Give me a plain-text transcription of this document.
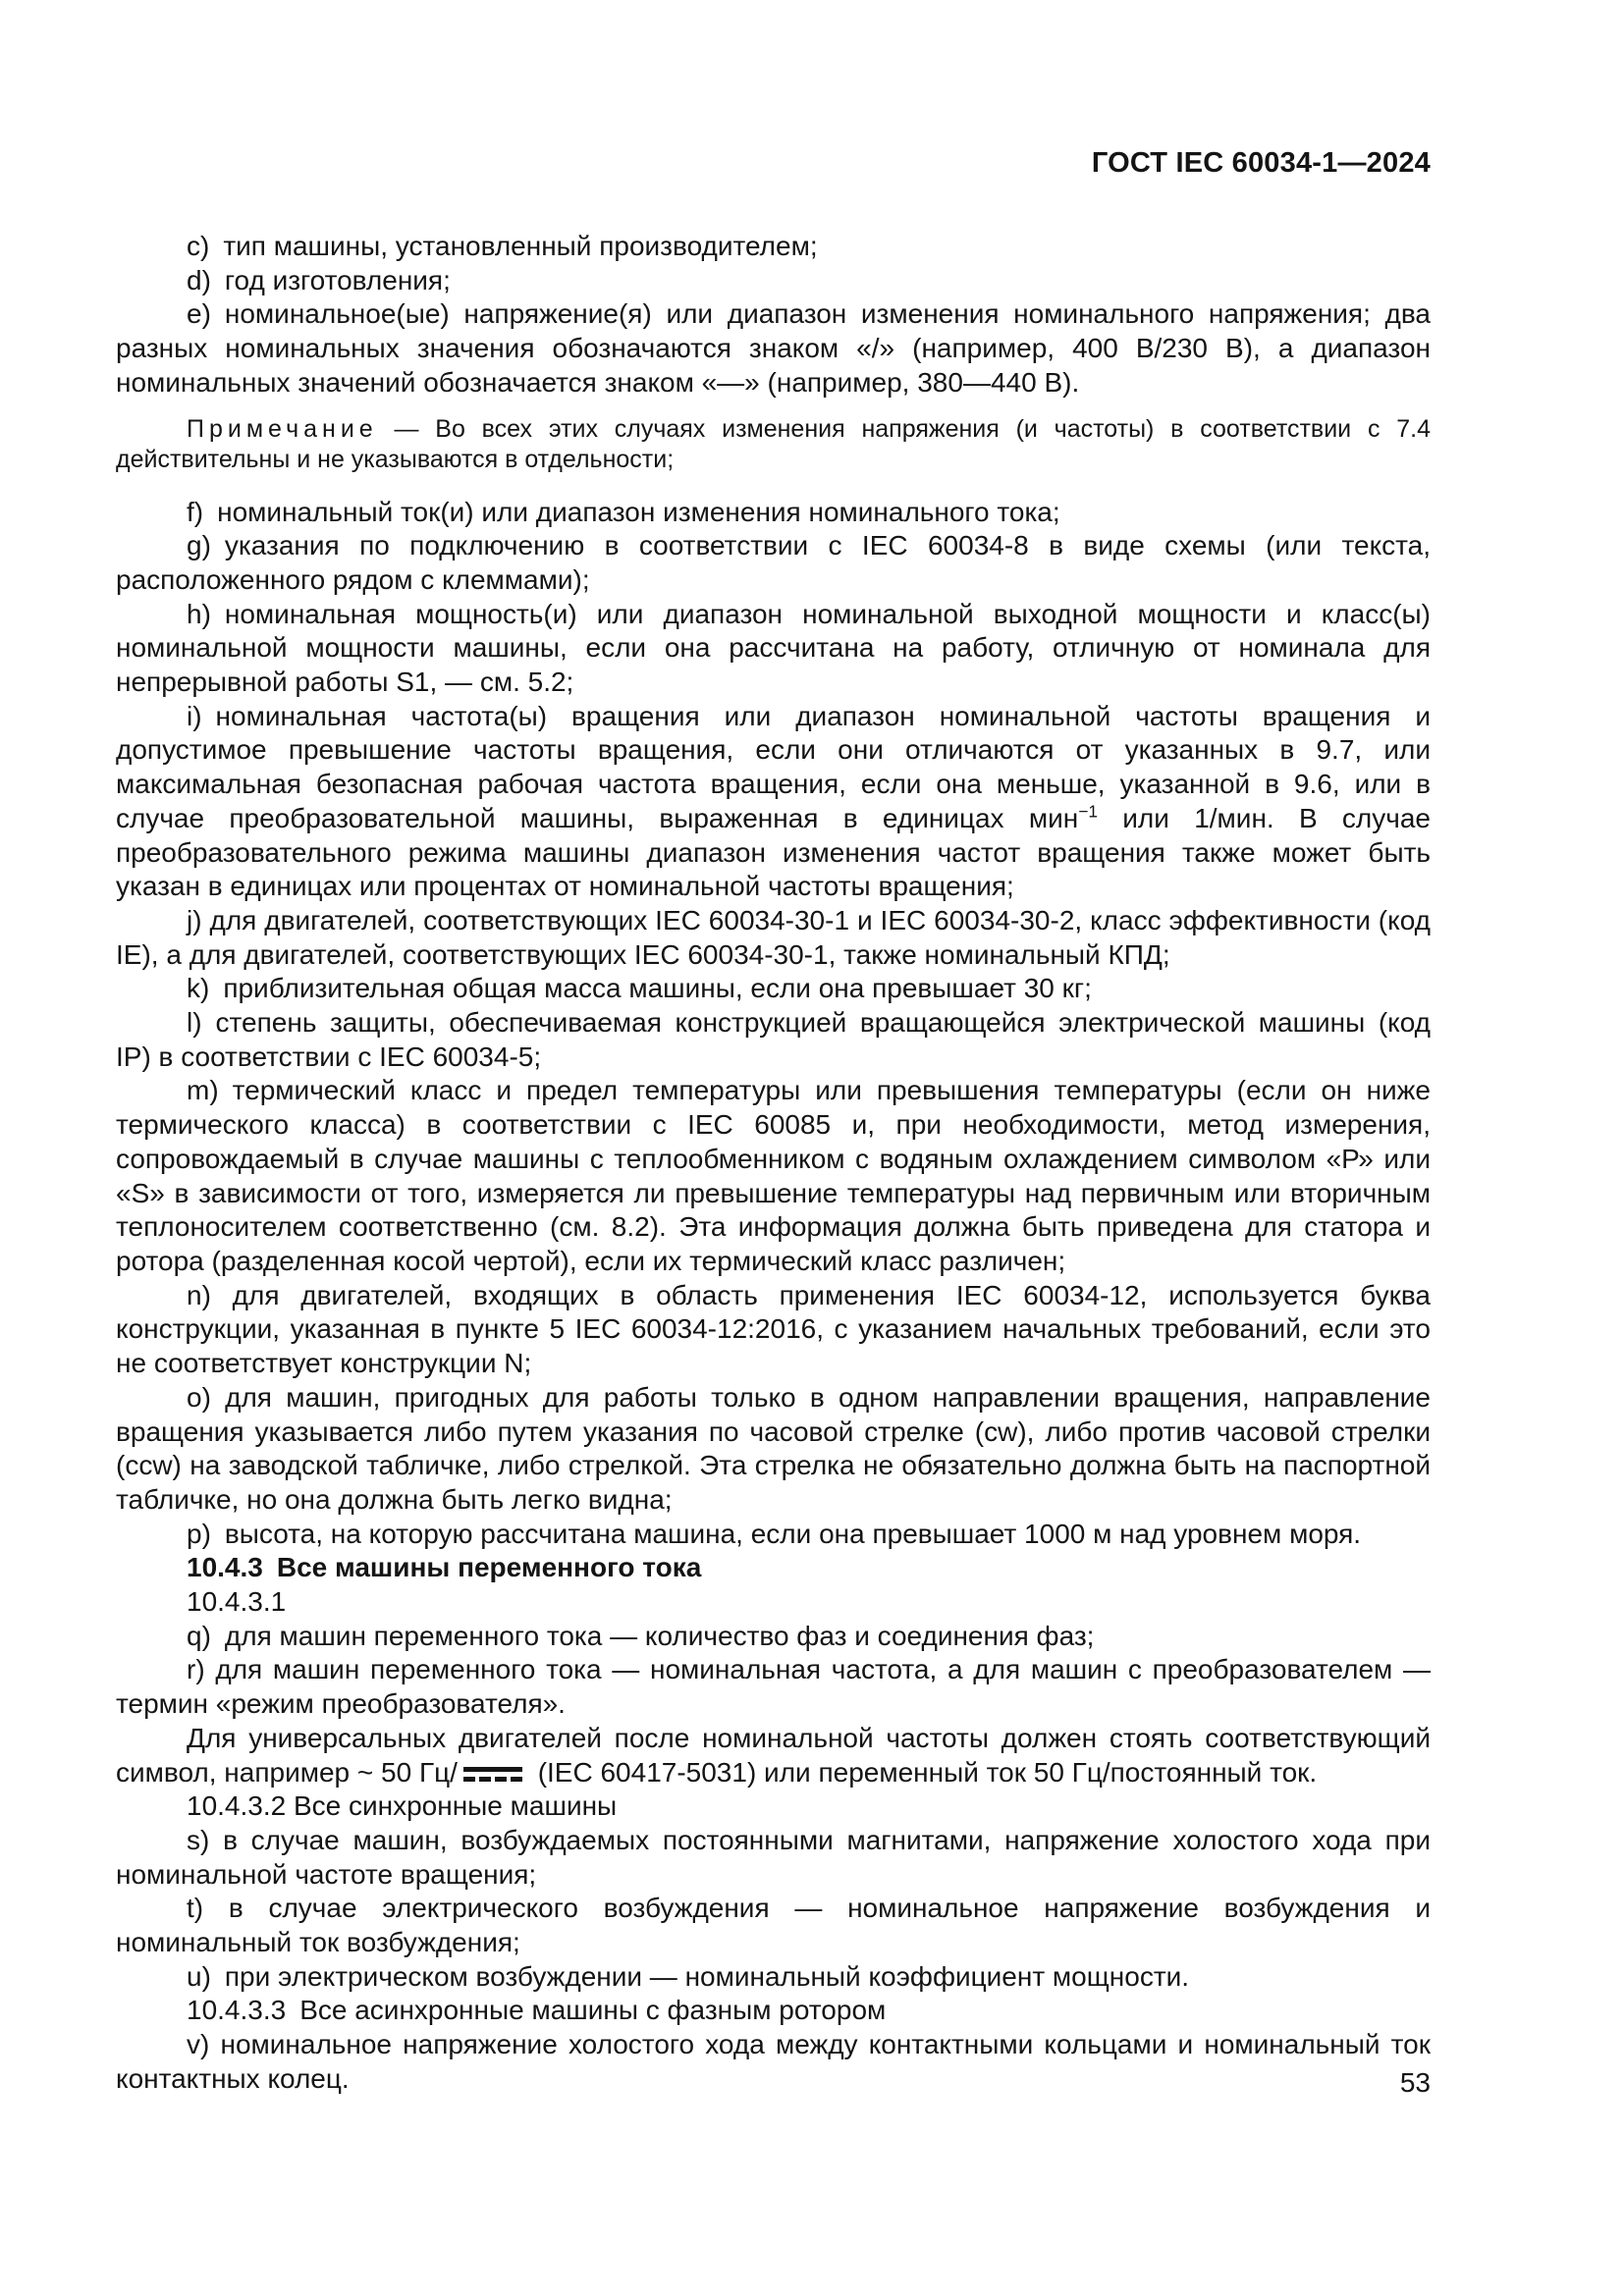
ГОСТ IEC 60034-1—2024

c) тип машины, установленный производителем;

d) год изготовления;

e) номинальное(ые) напряжение(я) или диапазон изменения номинального напряжения; два разных номинальных значения обозначаются знаком «/» (например, 400 В/230 В), а диапазон номинальных значений обозначается знаком «—» (например, 380—440 В).

Примечание — Во всех этих случаях изменения напряжения (и частоты) в соответствии с 7.4 действительны и не указываются в отдельности;

f) номинальный ток(и) или диапазон изменения номинального тока;

g) указания по подключению в соответствии с IEC 60034-8 в виде схемы (или текста, расположенного рядом с клеммами);

h) номинальная мощность(и) или диапазон номинальной выходной мощности и класс(ы) номинальной мощности машины, если она рассчитана на работу, отличную от номинала для непрерывной работы S1, — см. 5.2;

i) номинальная частота(ы) вращения или диапазон номинальной частоты вращения и допустимое превышение частоты вращения, если они отличаются от указанных в 9.7, или максимальная безопасная рабочая частота вращения, если она меньше, указанной в 9.6, или в случае преобразовательной машины, выраженная в единицах мин$^{-1}$ или 1/мин. В случае преобразовательного режима машины диапазон изменения частот вращения также может быть указан в единицах или процентах от номинальной частоты вращения;

j) для двигателей, соответствующих IEC 60034-30-1 и IEC 60034-30-2, класс эффективности (код IE), а для двигателей, соответствующих IEC 60034-30-1, также номинальный КПД;

k) приблизительная общая масса машины, если она превышает 30 кг;

l) степень защиты, обеспечиваемая конструкцией вращающейся электрической машины (код IP) в соответствии с IEC 60034-5;

m) термический класс и предел температуры или превышения температуры (если он ниже термического класса) в соответствии с IEC 60085 и, при необходимости, метод измерения, сопровождаемый в случае машины с теплообменником с водяным охлаждением символом «Р» или «S» в зависимости от того, измеряется ли превышение температуры над первичным или вторичным теплоносителем соответственно (см. 8.2). Эта информация должна быть приведена для статора и ротора (разделенная косой чертой), если их термический класс различен;

n) для двигателей, входящих в область применения IEC 60034-12, используется буква конструкции, указанная в пункте 5 IEC 60034-12:2016, с указанием начальных требований, если это не соответствует конструкции N;

o) для машин, пригодных для работы только в одном направлении вращения, направление вращения указывается либо путем указания по часовой стрелке (cw), либо против часовой стрелки (ccw) на заводской табличке, либо стрелкой. Эта стрелка не обязательно должна быть на паспортной табличке, но она должна быть легко видна;

p) высота, на которую рассчитана машина, если она превышает 1000 м над уровнем моря.

10.4.3 Все машины переменного тока

10.4.3.1

q) для машин переменного тока — количество фаз и соединения фаз;

r) для машин переменного тока — номинальная частота, а для машин с преобразователем — термин «режим преобразователя».

Для универсальных двигателей после номинальной частоты должен стоять соответствующий символ, например ~ 50 Гц/	(IEC 60417-5031) или переменный ток 50 Гц/постоянный ток.

10.4.3.2 Все синхронные машины

s) в случае машин, возбуждаемых постоянными магнитами, напряжение холостого хода при номинальной частоте вращения;

t) в случае электрического возбуждения — номинальное напряжение возбуждения и номинальный ток возбуждения;

u) при электрическом возбуждении — номинальный коэффициент мощности.

10.4.3.3 Все асинхронные машины с фазным ротором

v) номинальное напряжение холостого хода между контактными кольцами и номинальный ток контактных колец.	53
